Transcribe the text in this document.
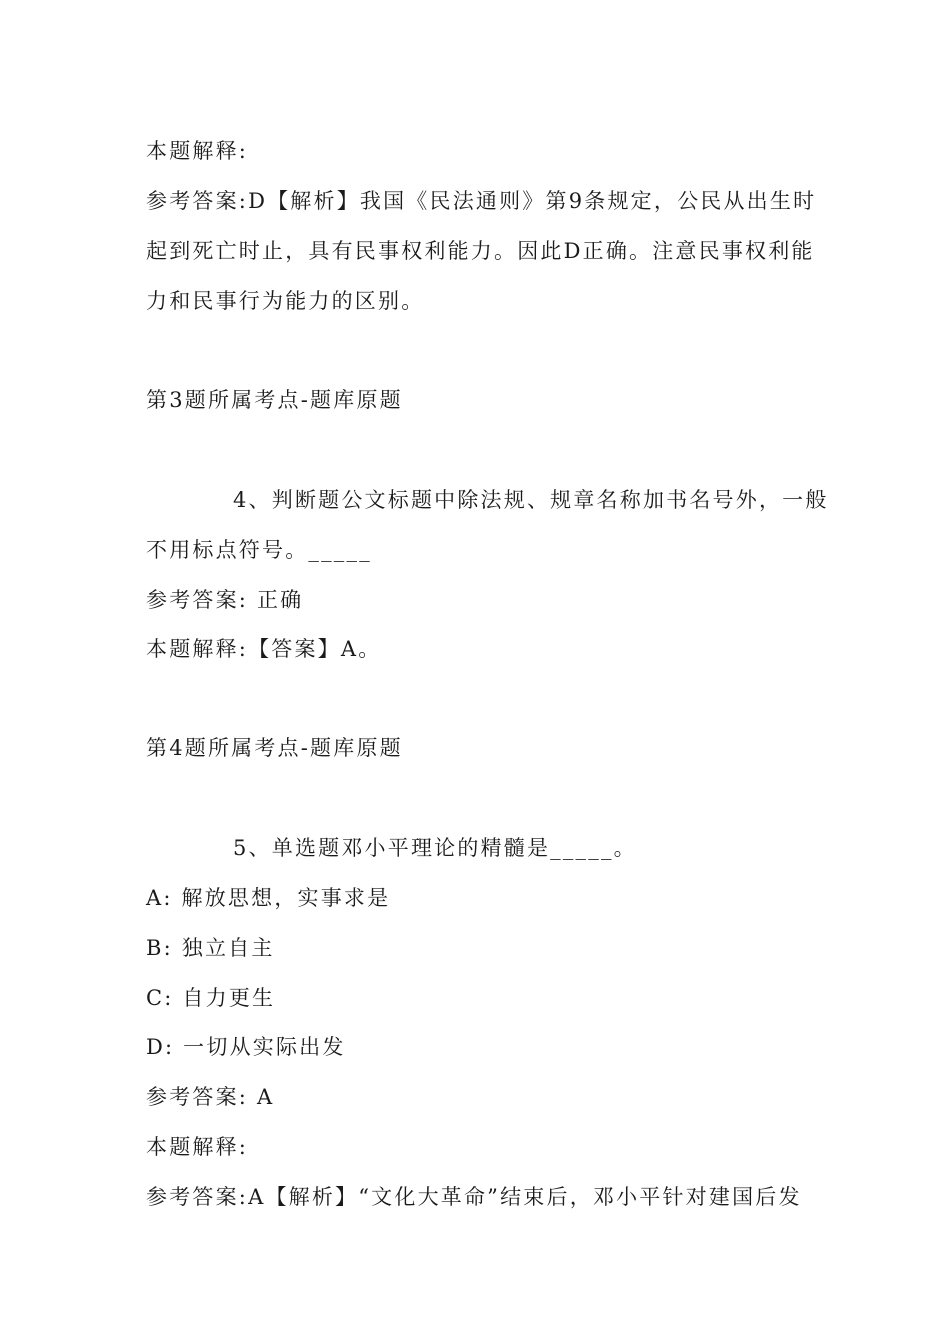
本题解释:
参考答案:D【解析】我国《民法通则》第9条规定，公民从出生时
起到死亡时止，具有民事权利能力。因此D正确。注意民事权利能
力和民事行为能力的区别。
第3题所属考点-题库原题
4、判断题公文标题中除法规、规章名称加书名号外，一般
不用标点符号。_____
参考答案: 正确
本题解释:【答案】A。
第4题所属考点-题库原题
5、单选题邓小平理论的精髓是_____。
A: 解放思想，实事求是
B: 独立自主
C: 自力更生
D: 一切从实际出发
参考答案: A
本题解释:
参考答案:A【解析】“文化大革命”结束后，邓小平针对建国后发
